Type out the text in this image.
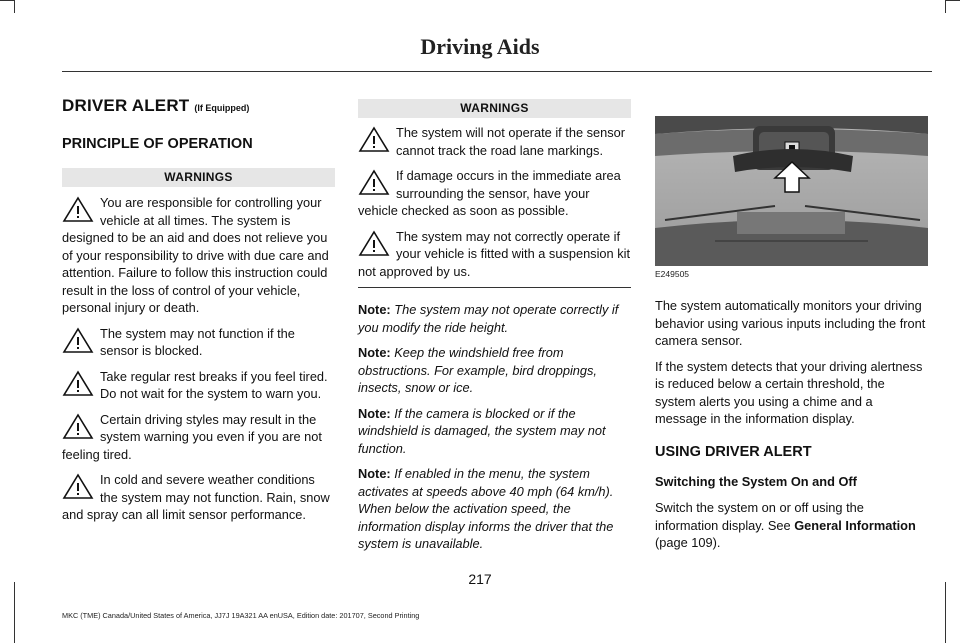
Driving Aids
DRIVER ALERT (If Equipped)
PRINCIPLE OF OPERATION
WARNINGS
You are responsible for controlling your vehicle at all times. The system is designed to be an aid and does not relieve you of your responsibility to drive with due care and attention. Failure to follow this instruction could result in the loss of control of your vehicle, personal injury or death.
The system may not function if the sensor is blocked.
Take regular rest breaks if you feel tired. Do not wait for the system to warn you.
Certain driving styles may result in the system warning you even if you are not feeling tired.
In cold and severe weather conditions the system may not function. Rain, snow and spray can all limit sensor performance.
WARNINGS
The system will not operate if the sensor cannot track the road lane markings.
If damage occurs in the immediate area surrounding the sensor, have your vehicle checked as soon as possible.
The system may not correctly operate if your vehicle is fitted with a suspension kit not approved by us.

Note: The system may not operate correctly if you modify the ride height.

Note: Keep the windshield free from obstructions. For example, bird droppings, insects, snow or ice.

Note: If the camera is blocked or if the windshield is damaged, the system may not function.

Note: If enabled in the menu, the system activates at speeds above 40 mph (64 km/h). When below the activation speed, the information display informs the driver that the system is unavailable.

E249505

The system automatically monitors your driving behavior using various inputs including the front camera sensor.

If the system detects that your driving alertness is reduced below a certain threshold, the system alerts you using a chime and a message in the information display.

USING DRIVER ALERT

Switching the System On and Off

Switch the system on or off using the information display. See General Information (page 109).

217
MKC (TME) Canada/United States of America, JJ7J 19A321 AA enUSA, Edition date: 201707, Second Printing
